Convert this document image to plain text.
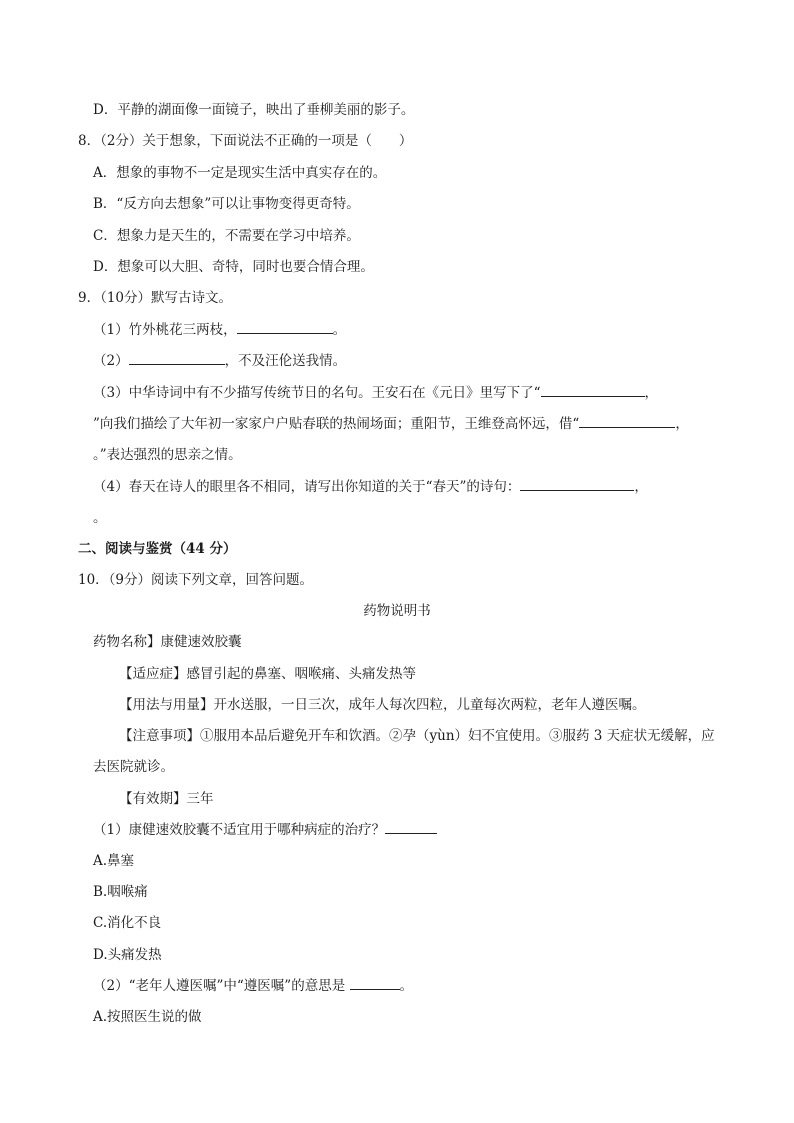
D．平静的湖面像一面镜子，映出了垂柳美丽的影子。
8．（2分）关于想象，下面说法不正确的一项是（　　）
A．想象的事物不一定是现实生活中真实存在的。
B．“反方向去想象”可以让事物变得更奇特。
C．想象力是天生的，不需要在学习中培养。
D．想象可以大胆、奇特，同时也要合情合理。
9．（10分）默写古诗文。
（1）竹外桃花三两枝，	。
（2）	，不及汪伦送我情。
（3）中华诗词中有不少描写传统节日的名句。王安石在《元日》里写下了“	，
”向我们描绘了大年初一家家户户贴春联的热闹场面；重阳节，王维登高怀远，借“	，
。”表达强烈的思亲之情。
（4）春天在诗人的眼里各不相同，请写出你知道的关于“春天”的诗句：	，
。
二、阅读与鉴赏（44 分）
10．（9分）阅读下列文章，回答问题。
药物说明书
药物名称】康健速效胶囊
【适应症】感冒引起的鼻塞、咽喉痛、头痛发热等
【用法与用量】开水送服，一日三次，成年人每次四粒，儿童每次两粒，老年人遵医嘱。
【注意事项】①服用本品后避免开车和饮酒。②孕（yùn）妇不宜使用。③服药 3 天症状无缓解，应
去医院就诊。
【有效期】三年
（1）康健速效胶囊不适宜用于哪种病症的治疗？
A.鼻塞
B.咽喉痛
C.消化不良
D.头痛发热
（2）“老年人遵医嘱”中“遵医嘱”的意思是	。
A.按照医生说的做
